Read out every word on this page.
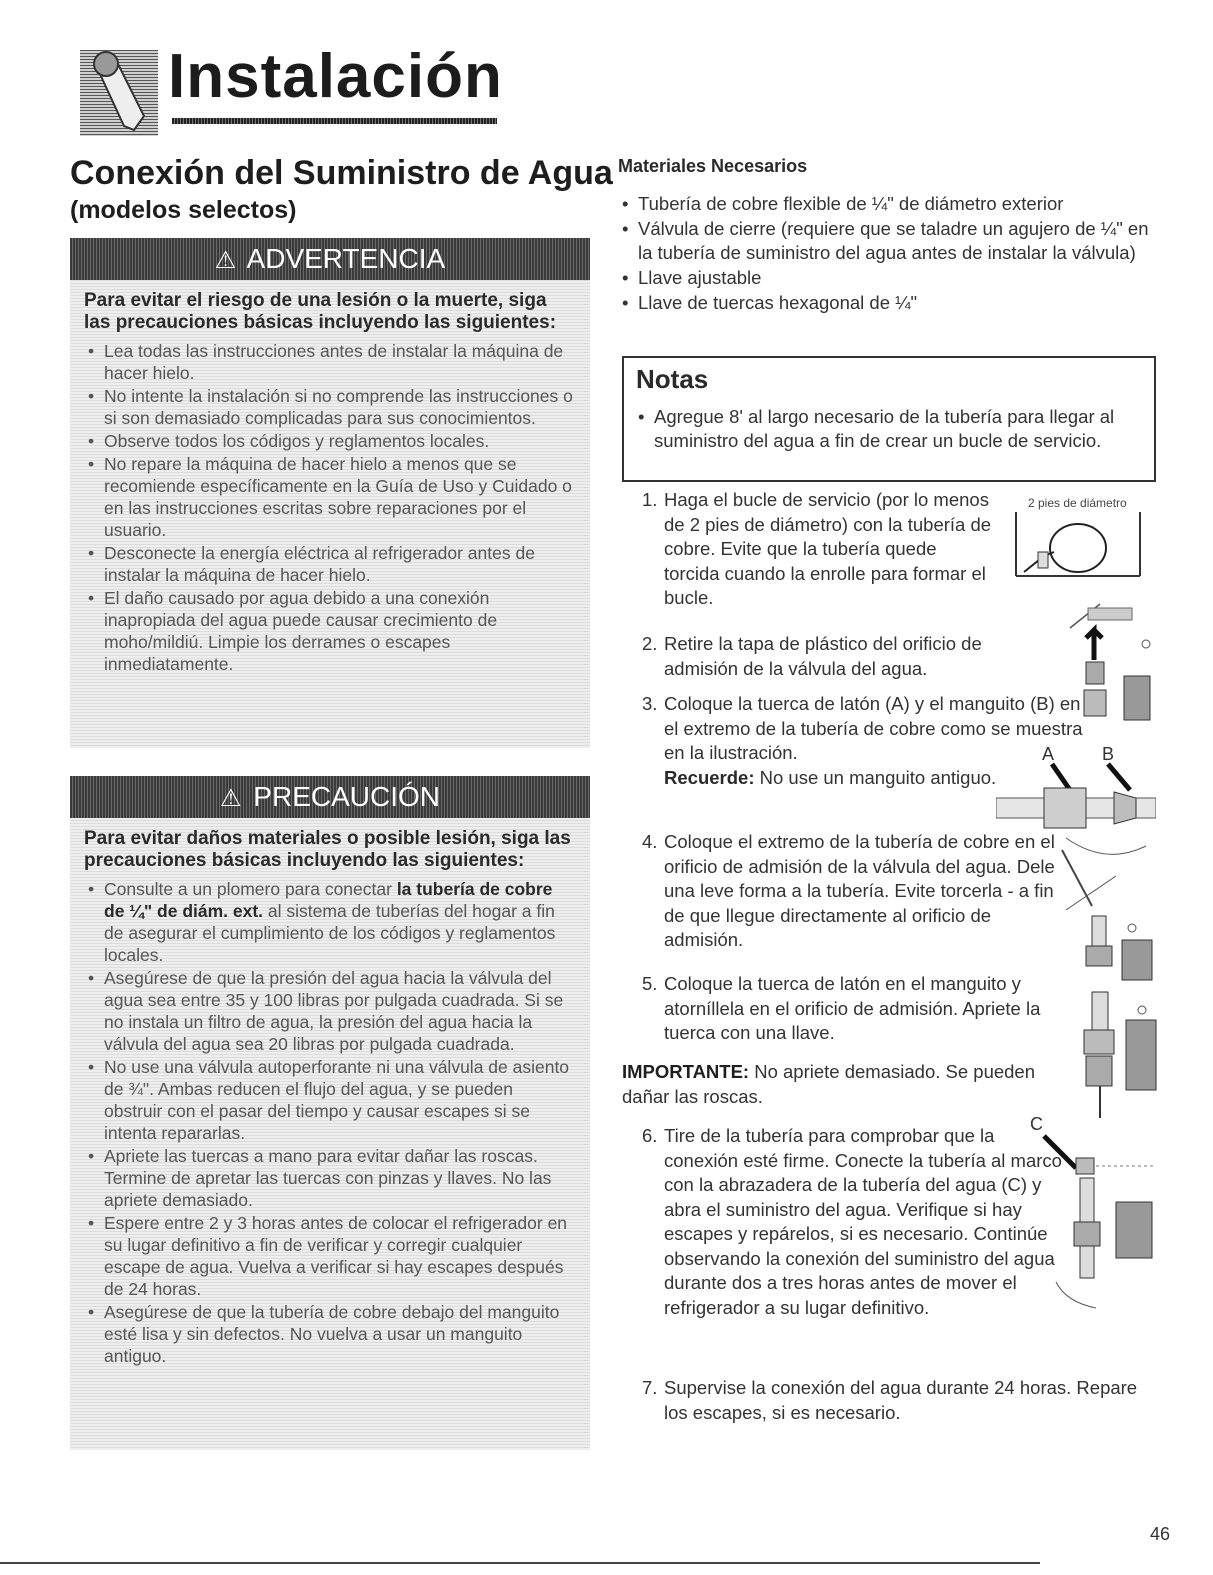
Instalación
Conexión del Suministro de Agua
(modelos selectos)
⚠ ADVERTENCIA
Para evitar el riesgo de una lesión o la muerte, siga las precauciones básicas incluyendo las siguientes:
• Lea todas las instrucciones antes de instalar la máquina de hacer hielo.
• No intente la instalación si no comprende las instrucciones o si son demasiado complicadas para sus conocimientos.
• Observe todos los códigos y reglamentos locales.
• No repare la máquina de hacer hielo a menos que se recomiende específicamente en la Guía de Uso y Cuidado o en las instrucciones escritas sobre reparaciones por el usuario.
• Desconecte la energía eléctrica al refrigerador antes de instalar la máquina de hacer hielo.
• El daño causado por agua debido a una conexión inapropiada del agua puede causar crecimiento de moho/mildiú. Limpie los derrames o escapes inmediatamente.
⚠ PRECAUCIÓN
Para evitar daños materiales o posible lesión, siga las precauciones básicas incluyendo las siguientes:
• Consulte a un plomero para conectar la tubería de cobre de ¼" de diám. ext. al sistema de tuberías del hogar a fin de asegurar el cumplimiento de los códigos y reglamentos locales.
• Asegúrese de que la presión del agua hacia la válvula del agua sea entre 35 y 100 libras por pulgada cuadrada. Si se no instala un filtro de agua, la presión del agua hacia la válvula del agua sea 20 libras por pulgada cuadrada.
• No use una válvula autoperforante ni una válvula de asiento de ¾". Ambas reducen el flujo del agua, y se pueden obstruir con el pasar del tiempo y causar escapes si se intenta repararlas.
• Apriete las tuercas a mano para evitar dañar las roscas. Termine de apretar las tuercas con pinzas y llaves. No las apriete demasiado.
• Espere entre 2 y 3 horas antes de colocar el refrigerador en su lugar definitivo a fin de verificar y corregir cualquier escape de agua. Vuelva a verificar si hay escapes después de 24 horas.
• Asegúrese de que la tubería de cobre debajo del manguito esté lisa y sin defectos. No vuelva a usar un manguito antiguo.
Materiales Necesarios
• Tubería de cobre flexible de ¼" de diámetro exterior
• Válvula de cierre (requiere que se taladre un agujero de ¼" en la tubería de suministro del agua antes de instalar la válvula)
• Llave ajustable
• Llave de tuercas hexagonal de ¼"
Notas
• Agregue 8' al largo necesario de la tubería para llegar al suministro del agua a fin de crear un bucle de servicio.
1. Haga el bucle de servicio (por lo menos de 2 pies de diámetro) con la tubería de cobre. Evite que la tubería quede torcida cuando la enrolle para formar el bucle.
2. Retire la tapa de plástico del orificio de admisión de la válvula del agua.
3. Coloque la tuerca de latón (A) y el manguito (B) en el extremo de la tubería de cobre como se muestra en la ilustración.
Recuerde: No use un manguito antiguo.
4. Coloque el extremo de la tubería de cobre en el orificio de admisión de la válvula del agua. Dele una leve forma a la tubería. Evite torcerla - a fin de que llegue directamente al orificio de admisión.
5. Coloque la tuerca de latón en el manguito y atorníllela en el orificio de admisión. Apriete la tuerca con una llave.
IMPORTANTE: No apriete demasiado. Se pueden dañar las roscas.
6. Tire de la tubería para comprobar que la conexión esté firme. Conecte la tubería al marco con la abrazadera de la tubería del agua (C) y abra el suministro del agua. Verifique si hay escapes y repárelos, si es necesario. Continúe observando la conexión del suministro del agua durante dos a tres horas antes de mover el refrigerador a su lugar definitivo.
7. Supervise la conexión del agua durante 24 horas. Repare los escapes, si es necesario.
2 pies de diámetro
A	B
C
46
